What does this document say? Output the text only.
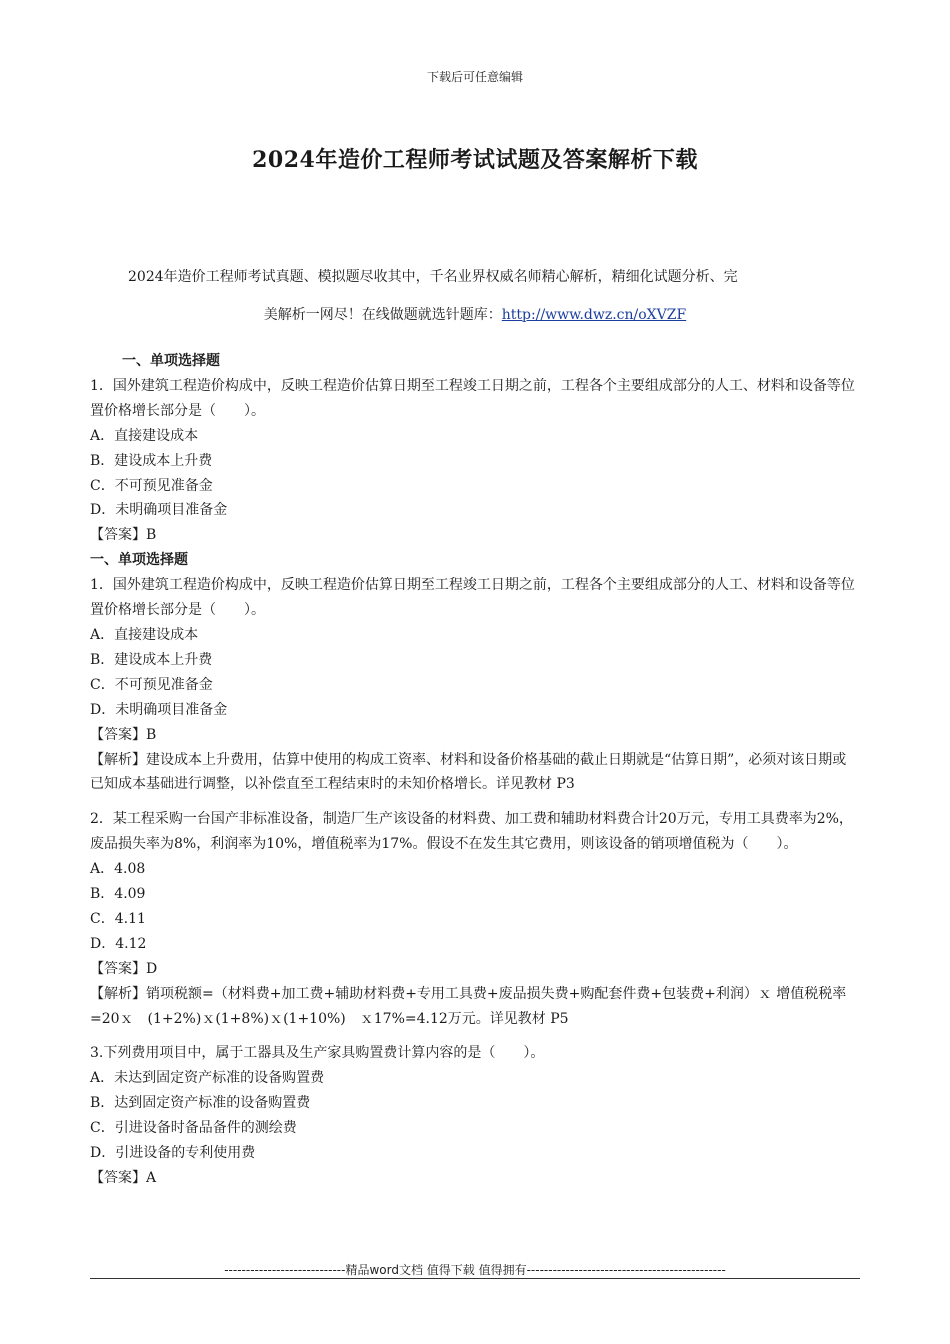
下载后可任意编辑
2024年造价工程师考试试题及答案解析下载
2024年造价工程师考试真题、模拟题尽收其中，千名业界权威名师精心解析，精细化试题分析、完
美解析一网尽！在线做题就选针题库：http://www.dwz.cn/oXVZF

一、单项选择题

1．国外建筑工程造价构成中，反映工程造价估算日期至工程竣工日期之前，工程各个主要组成部分的人工、材料和设备等位置价格增长部分是（　　）。

A．直接建设成本

B．建设成本上升费

C．不可预见准备金

D．未明确项目准备金

【答案】B

一、单项选择题

1．国外建筑工程造价构成中，反映工程造价估算日期至工程竣工日期之前，工程各个主要组成部分的人工、材料和设备等位置价格增长部分是（　　）。

A．直接建设成本

B．建设成本上升费

C．不可预见准备金

D．未明确项目准备金

【答案】B

【解析】建设成本上升费用，估算中使用的构成工资率、材料和设备价格基础的截止日期就是“估算日期”，必须对该日期或已知成本基础进行调整，以补偿直至工程结束时的未知价格增长。详见教材 P3

2．某工程采购一台国产非标准设备，制造厂生产该设备的材料费、加工费和辅助材料费合计20万元，专用工具费率为2%，废品损失率为8%，利润率为10%，增值税率为17%。假设不在发生其它费用，则该设备的销项增值税为（　　）。

A．4.08

B．4.09

C．4.11

D．4.12

【答案】D

【解析】销项税额=（材料费+加工费+辅助材料费+专用工具费+废品损失费+购配套件费+包装费+利润）ｘ 增值税税率=20ｘ　(1+2%)ｘ(1+8%)ｘ(1+10%)　ｘ17%=4.12万元。详见教材 P5

3.下列费用项目中，属于工器具及生产家具购置费计算内容的是（　　）。

A．未达到固定资产标准的设备购置费

B．达到固定资产标准的设备购置费

C．引进设备时备品备件的测绘费

D．引进设备的专利使用费

【答案】A

----------------------------精品word文档 值得下载 值得拥有----------------------------------------------
